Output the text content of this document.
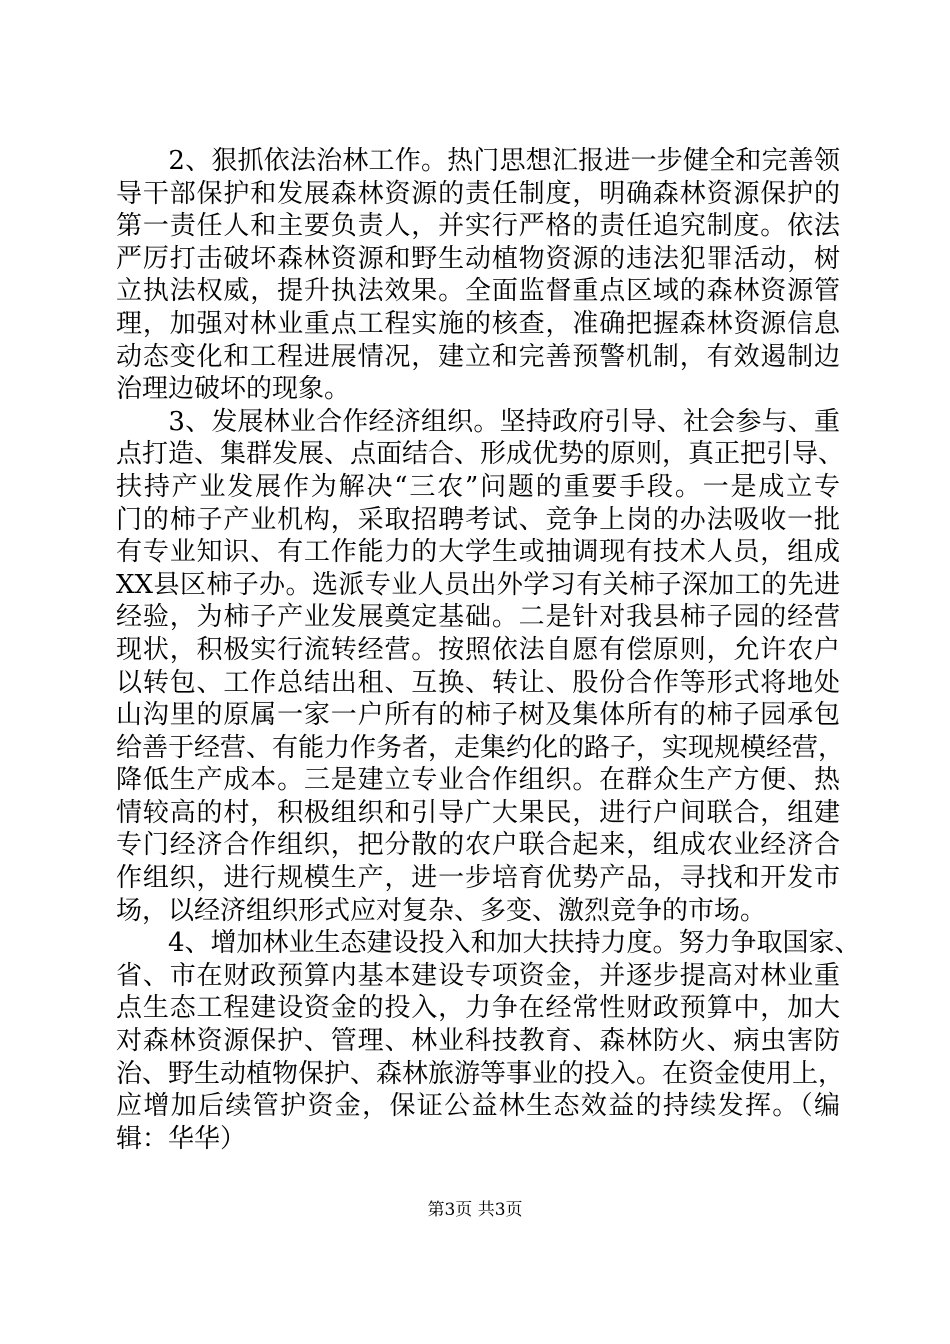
　　2、狠抓依法治林工作。热门思想汇报进一步健全和完善领
导干部保护和发展森林资源的责任制度，明确森林资源保护的
第一责任人和主要负责人，并实行严格的责任追究制度。依法
严厉打击破坏森林资源和野生动植物资源的违法犯罪活动，树
立执法权威，提升执法效果。全面监督重点区域的森林资源管
理，加强对林业重点工程实施的核查，准确把握森林资源信息
动态变化和工程进展情况，建立和完善预警机制，有效遏制边
治理边破坏的现象。
　　3、发展林业合作经济组织。坚持政府引导、社会参与、重
点打造、集群发展、点面结合、形成优势的原则，真正把引导、
扶持产业发展作为解决“三农”问题的重要手段。一是成立专
门的柿子产业机构，采取招聘考试、竞争上岗的办法吸收一批
有专业知识、有工作能力的大学生或抽调现有技术人员，组成
XX县区柿子办。选派专业人员出外学习有关柿子深加工的先进
经验，为柿子产业发展奠定基础。二是针对我县柿子园的经营
现状，积极实行流转经营。按照依法自愿有偿原则，允许农户
以转包、工作总结出租、互换、转让、股份合作等形式将地处
山沟里的原属一家一户所有的柿子树及集体所有的柿子园承包
给善于经营、有能力作务者，走集约化的路子，实现规模经营，
降低生产成本。三是建立专业合作组织。在群众生产方便、热
情较高的村，积极组织和引导广大果民，进行户间联合，组建
专门经济合作组织，把分散的农户联合起来，组成农业经济合
作组织，进行规模生产，进一步培育优势产品，寻找和开发市
场，以经济组织形式应对复杂、多变、激烈竞争的市场。
　　4、增加林业生态建设投入和加大扶持力度。努力争取国家、
省、市在财政预算内基本建设专项资金，并逐步提高对林业重
点生态工程建设资金的投入，力争在经常性财政预算中，加大
对森林资源保护、管理、林业科技教育、森林防火、病虫害防
治、野生动植物保护、森林旅游等事业的投入。在资金使用上，
应增加后续管护资金，保证公益林生态效益的持续发挥。（编
辑：华华）
第3页 共3页
